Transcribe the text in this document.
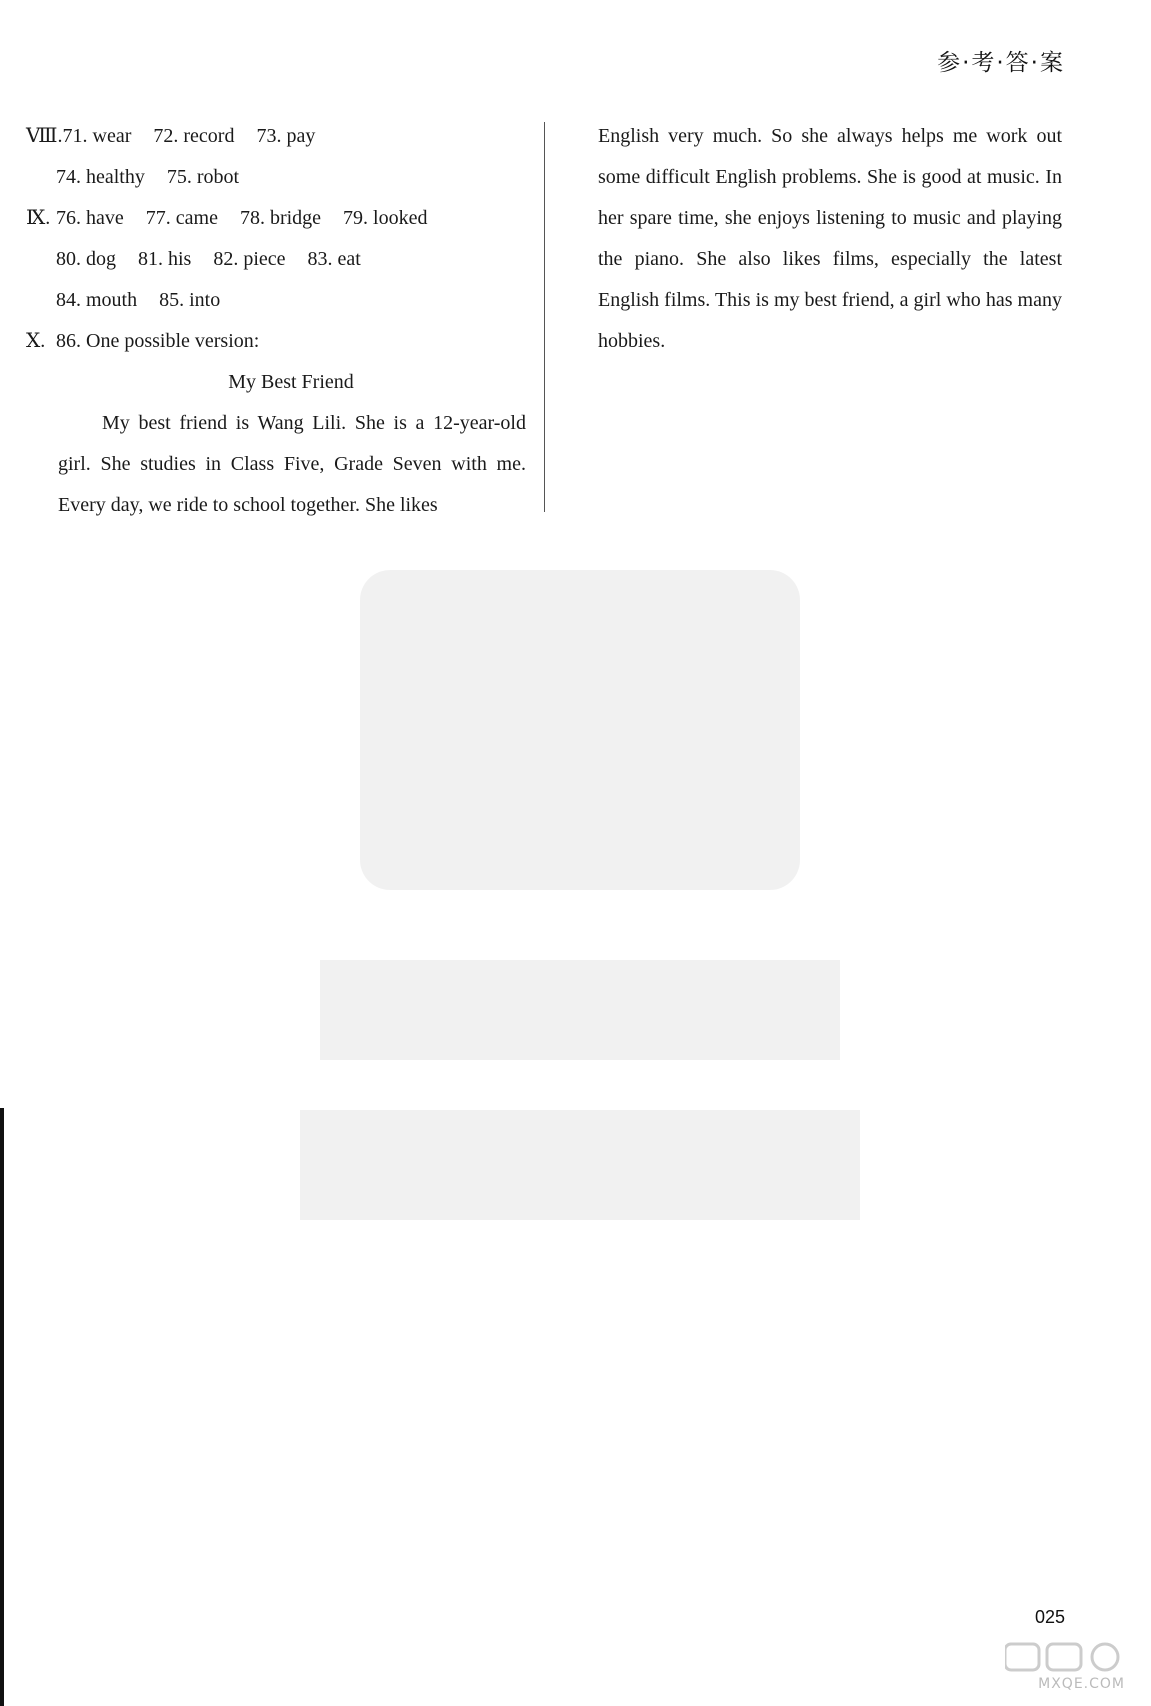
参·考·答·案
Ⅷ.71. wear 72. record 73. pay
74. healthy 75. robot
Ⅸ. 76. have 77. came 78. bridge 79. looked
80. dog 81. his 82. piece 83. eat
84. mouth 85. into
Ⅹ. 86. One possible version:
My Best Friend
My best friend is Wang Lili. She is a 12-year-old girl. She studies in Class Five, Grade Seven with me. Every day, we ride to school together. She likes
English very much. So she always helps me work out some difficult English problems. She is good at music. In her spare time, she enjoys listening to music and playing the piano. She also likes films, especially the latest English films. This is my best friend, a girl who has many hobbies.
025
MXQE.COM
